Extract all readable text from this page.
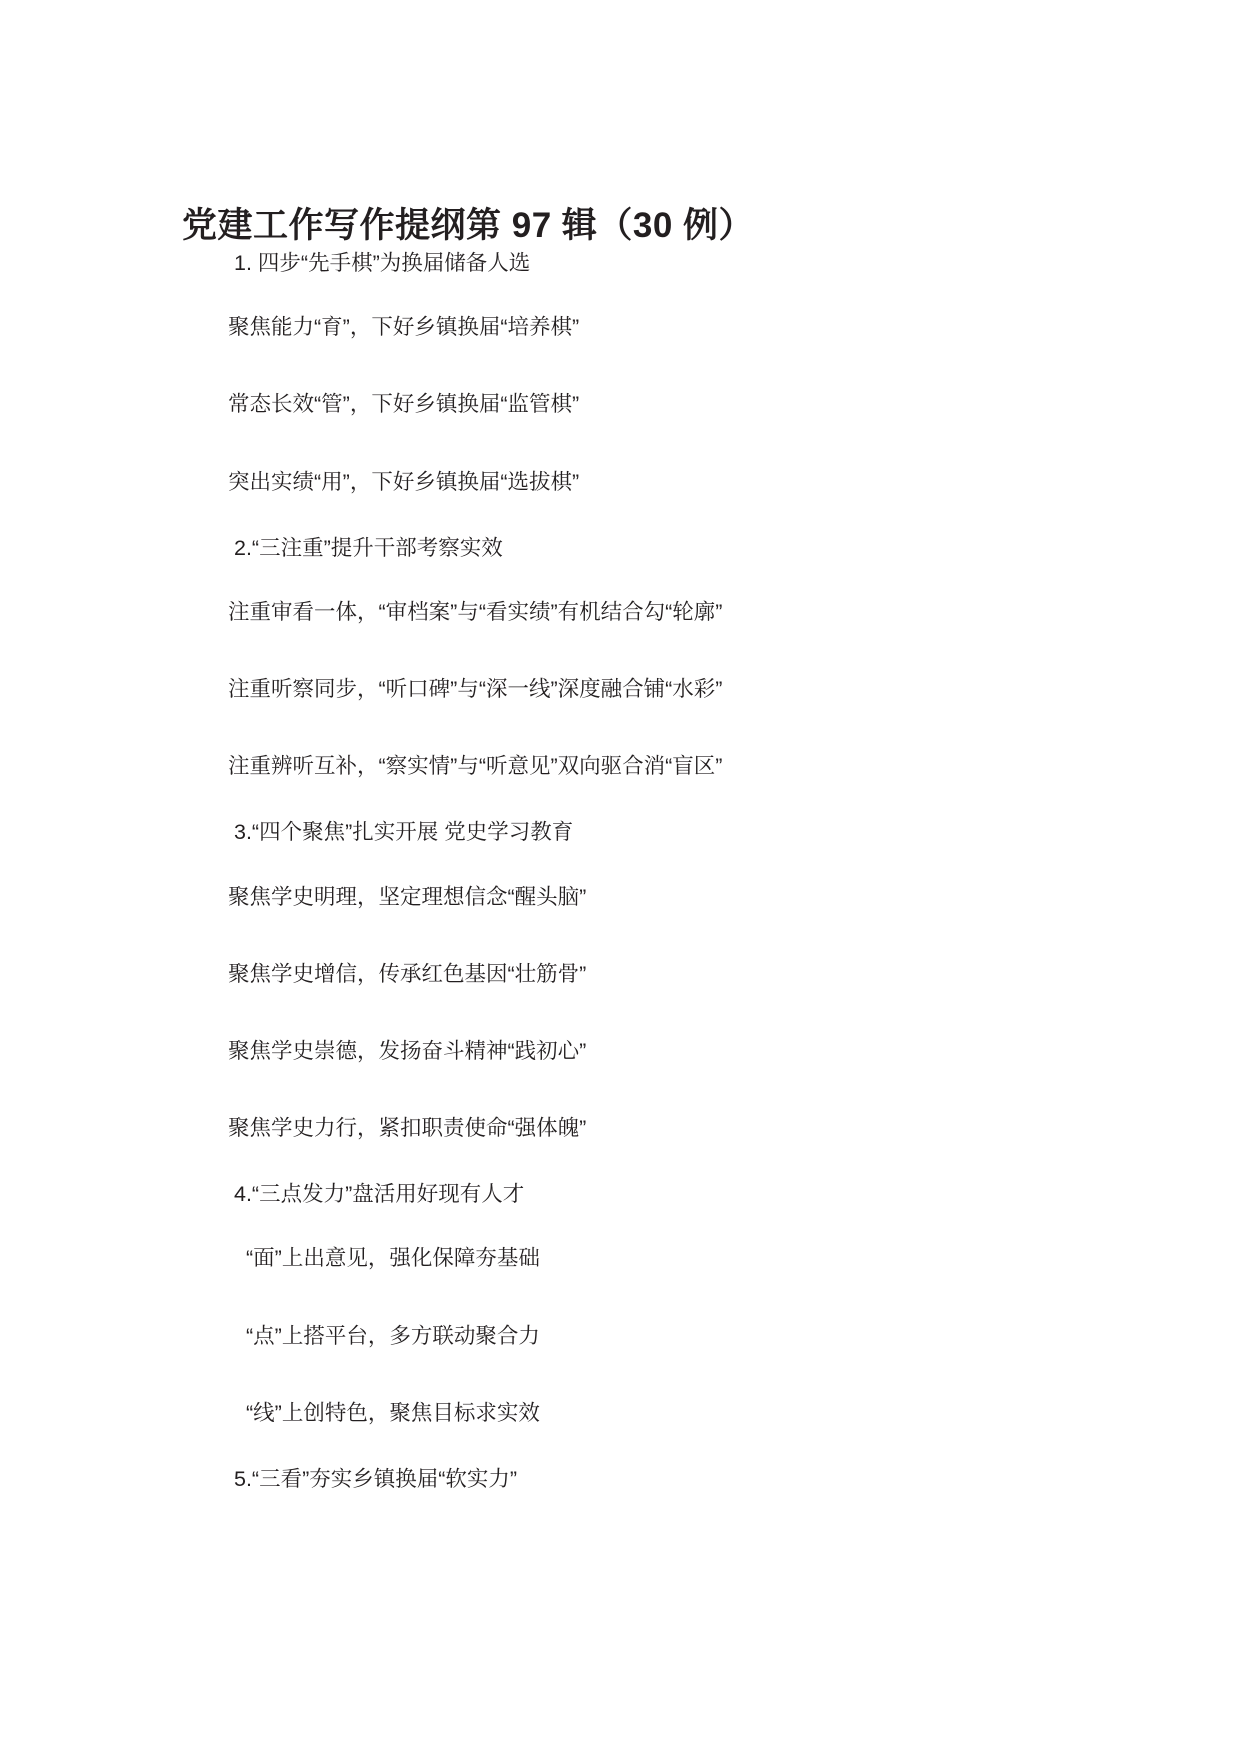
党建工作写作提纲第 97 辑（30 例）
1. 四步“先手棋”为换届储备人选
聚焦能力“育”，下好乡镇换届“培养棋”
常态长效“管”，下好乡镇换届“监管棋”
突出实绩“用”，下好乡镇换届“选拔棋”
2.“三注重”提升干部考察实效
注重审看一体，“审档案”与“看实绩”有机结合勾“轮廓”
注重听察同步，“听口碑”与“深一线”深度融合铺“水彩”
注重辨听互补，“察实情”与“听意见”双向驱合消“盲区”
3.“四个聚焦”扎实开展 党史学习教育
聚焦学史明理，坚定理想信念“醒头脑”
聚焦学史增信，传承红色基因“壮筋骨”
聚焦学史崇德，发扬奋斗精神“践初心”
聚焦学史力行，紧扣职责使命“强体魄”
4.“三点发力”盘活用好现有人才
“面”上出意见，强化保障夯基础
“点”上搭平台，多方联动聚合力
“线”上创特色，聚焦目标求实效
5.“三看”夯实乡镇换届“软实力”
